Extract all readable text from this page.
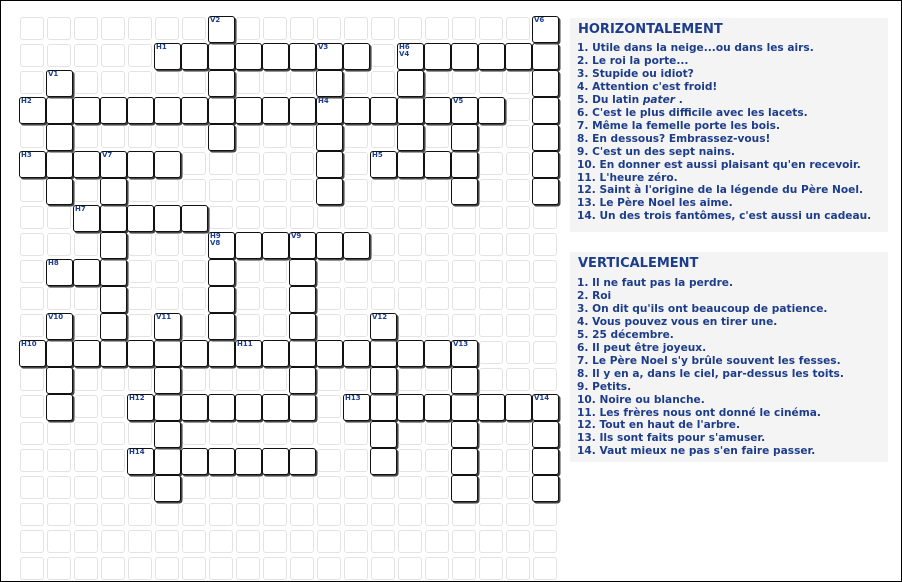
H1	V3	H6
V4
H2	H4	V5
H3	V7	H5
H7
H9
V8
V9
H8
H10	H11
H12	H13	V14
H14
V2	V6
V1
V10	V11	V12
V13
HORIZONTALEMENT
1. Utile dans la neige...ou dans les airs.
2. Le roi la porte...
3. Stupide ou idiot?
4. Attention c'est froid!
5. Du latin pater .
6. C'est le plus difficile avec les lacets.
7. Même la femelle porte les bois.
8. En dessous? Embrassez-vous!
9. C'est un des sept nains.
10. En donner est aussi plaisant qu'en recevoir.
11. L'heure zéro.
12. Saint à l'origine de la légende du Père Noel.
13. Le Père Noel les aime.
14. Un des trois fantômes, c'est aussi un cadeau.
VERTICALEMENT
1. Il ne faut pas la perdre.
2. Roi
3. On dit qu'ils ont beaucoup de patience.
4. Vous pouvez vous en tirer une.
5. 25 décembre.
6. Il peut être joyeux.
7. Le Père Noel s'y brûle souvent les fesses.
8. Il y en a, dans le ciel, par-dessus les toits.
9. Petits.
10. Noire ou blanche.
11. Les frères nous ont donné le cinéma.
12. Tout en haut de l'arbre.
13. Ils sont faits pour s'amuser.
14. Vaut mieux ne pas s'en faire passer.
